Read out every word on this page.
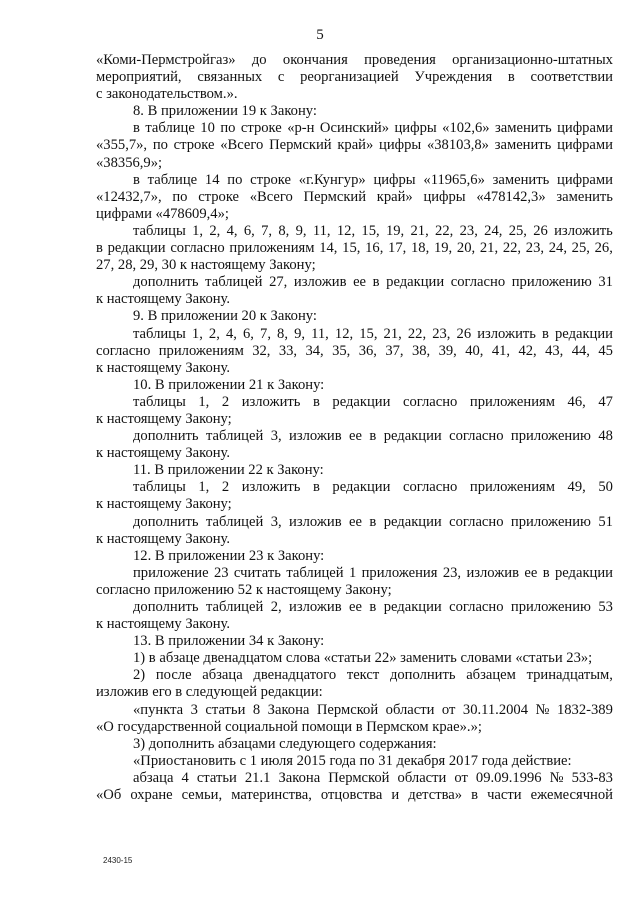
5
«Коми-Пермстройгаз» до окончания проведения организационно-штатных
мероприятий, связанных с реорганизацией Учреждения в соответствии
с законодательством.».
8. В приложении 19 к Закону:
в таблице 10 по строке «р-н Осинский» цифры «102,6» заменить цифрами
«355,7», по строке «Всего Пермский край» цифры «38103,8» заменить цифрами
«38356,9»;
в таблице 14 по строке «г.Кунгур» цифры «11965,6» заменить цифрами
«12432,7», по строке «Всего Пермский край» цифры «478142,3» заменить
цифрами «478609,4»;
таблицы 1, 2, 4, 6, 7, 8, 9, 11, 12, 15, 19, 21, 22, 23, 24, 25, 26 изложить
в редакции согласно приложениям 14, 15, 16, 17, 18, 19, 20, 21, 22, 23, 24, 25, 26,
27, 28, 29, 30 к настоящему Закону;
дополнить таблицей 27, изложив ее в редакции согласно приложению 31
к настоящему Закону.
9. В приложении 20 к Закону:
таблицы 1, 2, 4, 6, 7, 8, 9, 11, 12, 15, 21, 22, 23, 26 изложить в редакции
согласно приложениям 32, 33, 34, 35, 36, 37, 38, 39, 40, 41, 42, 43, 44, 45
к настоящему Закону.
10. В приложении 21 к Закону:
таблицы 1, 2 изложить в редакции согласно приложениям 46, 47
к настоящему Закону;
дополнить таблицей 3, изложив ее в редакции согласно приложению 48
к настоящему Закону.
11. В приложении 22 к Закону:
таблицы 1, 2 изложить в редакции согласно приложениям 49, 50
к настоящему Закону;
дополнить таблицей 3, изложив ее в редакции согласно приложению 51
к настоящему Закону.
12. В приложении 23 к Закону:
приложение 23 считать таблицей 1 приложения 23, изложив ее в редакции
согласно приложению 52 к настоящему Закону;
дополнить таблицей 2, изложив ее в редакции согласно приложению 53
к настоящему Закону.
13. В приложении 34 к Закону:
1) в абзаце двенадцатом слова «статьи 22» заменить словами «статьи 23»;
2) после абзаца двенадцатого текст дополнить абзацем тринадцатым,
изложив его в следующей редакции:
«пункта 3 статьи 8 Закона Пермской области от 30.11.2004 № 1832-389
«О государственной социальной помощи в Пермском крае».»;
3) дополнить абзацами следующего содержания:
«Приостановить с 1 июля 2015 года по 31 декабря 2017 года действие:
абзаца 4 статьи 21.1 Закона Пермской области от 09.09.1996 № 533-83
«Об охране семьи, материнства, отцовства и детства» в части ежемесячной
2430-15
